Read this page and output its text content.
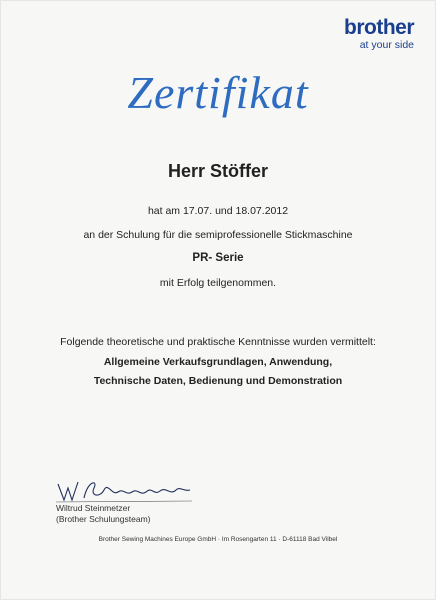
brother
at your side
Zertifikat
Herr Stöffer
hat am 17.07. und 18.07.2012
an der Schulung für die semiprofessionelle Stickmaschine
PR- Serie
mit Erfolg teilgenommen.
Folgende theoretische und praktische Kenntnisse wurden vermittelt:
Allgemeine Verkaufsgrundlagen, Anwendung,
Technische Daten, Bedienung und Demonstration
Wiltrud Steinmetzer
(Brother Schulungsteam)
Brother Sewing Machines Europe GmbH · Im Rosengarten 11 · D-61118 Bad Vilbel
